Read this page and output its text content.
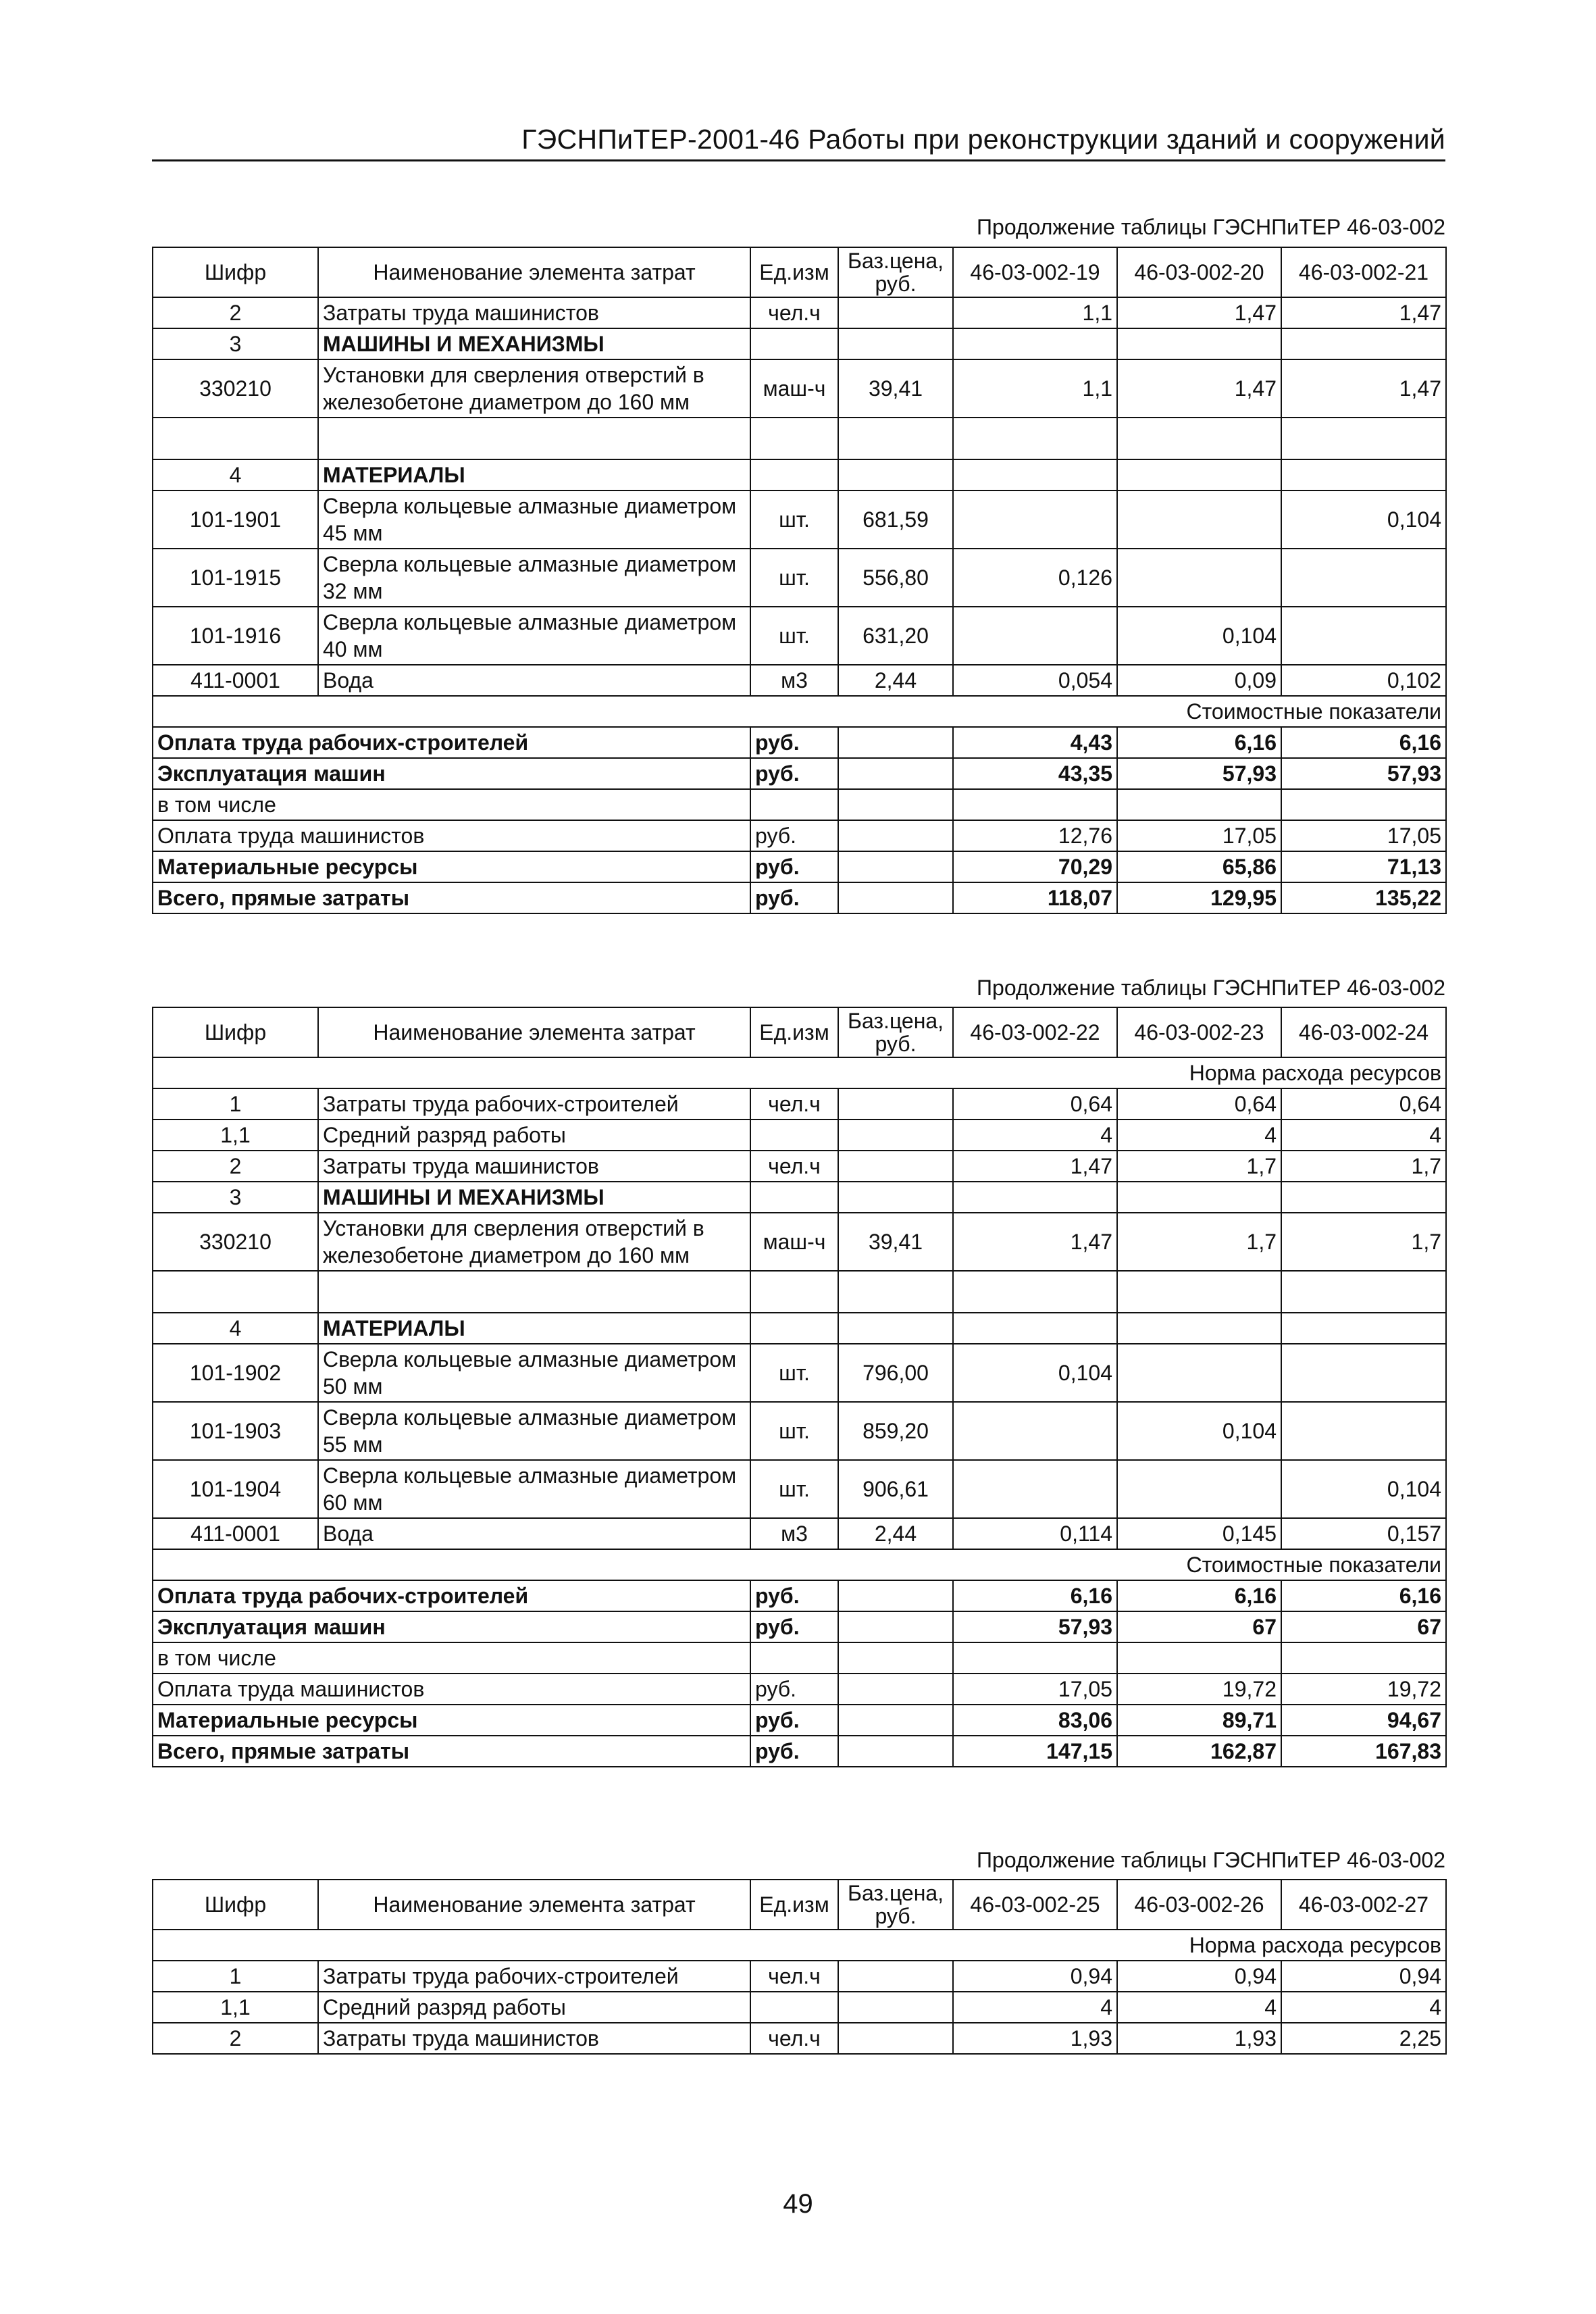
ГЭСНПиТЕР-2001-46 Работы при реконструкции зданий и сооружений
Продолжение таблицы ГЭСНПиТЕР 46-03-002
Шифр	Наименование элемента затрат	Ед.изм	Баз.цена, руб.	46-03-002-19	46-03-002-20	46-03-002-21
2	Затраты труда машинистов	чел.ч		1,1	1,47	1,47
3	МАШИНЫ И МЕХАНИЗМЫ					
330210	Установки для сверления отверстий в железобетоне диаметром до 160 мм	маш-ч	39,41	1,1	1,47	1,47

4	МАТЕРИАЛЫ					
101-1901	Сверла кольцевые алмазные диаметром 45 мм	шт.	681,59			0,104
101-1915	Сверла кольцевые алмазные диаметром 32 мм	шт.	556,80	0,126		
101-1916	Сверла кольцевые алмазные диаметром 40 мм	шт.	631,20		0,104	
411-0001	Вода	м3	2,44	0,054	0,09	0,102
Стоимостные показатели						
Оплата труда рабочих-строителей		руб.		4,43	6,16	6,16
Эксплуатация машин		руб.		43,35	57,93	57,93
в том числе						
Оплата труда машинистов		руб.		12,76	17,05	17,05
Материальные ресурсы		руб.		70,29	65,86	71,13
Всего, прямые затраты		руб.		118,07	129,95	135,22
Продолжение таблицы ГЭСНПиТЕР 46-03-002
Шифр	Наименование элемента затрат	Ед.изм	Баз.цена, руб.	46-03-002-22	46-03-002-23	46-03-002-24
Норма расхода ресурсов						
1	Затраты труда рабочих-строителей	чел.ч		0,64	0,64	0,64
1,1	Средний разряд работы			4	4	4
2	Затраты труда машинистов	чел.ч		1,47	1,7	1,7
3	МАШИНЫ И МЕХАНИЗМЫ					
330210	Установки для сверления отверстий в железобетоне диаметром до 160 мм	маш-ч	39,41	1,47	1,7	1,7

4	МАТЕРИАЛЫ					
101-1902	Сверла кольцевые алмазные диаметром 50 мм	шт.	796,00	0,104		
101-1903	Сверла кольцевые алмазные диаметром 55 мм	шт.	859,20		0,104	
101-1904	Сверла кольцевые алмазные диаметром 60 мм	шт.	906,61			0,104
411-0001	Вода	м3	2,44	0,114	0,145	0,157
Стоимостные показатели						
Оплата труда рабочих-строителей		руб.		6,16	6,16	6,16
Эксплуатация машин		руб.		57,93	67	67
в том числе						
Оплата труда машинистов		руб.		17,05	19,72	19,72
Материальные ресурсы		руб.		83,06	89,71	94,67
Всего, прямые затраты		руб.		147,15	162,87	167,83
Продолжение таблицы ГЭСНПиТЕР 46-03-002
Шифр	Наименование элемента затрат	Ед.изм	Баз.цена, руб.	46-03-002-25	46-03-002-26	46-03-002-27
Норма расхода ресурсов						
1	Затраты труда рабочих-строителей	чел.ч		0,94	0,94	0,94
1,1	Средний разряд работы			4	4	4
2	Затраты труда машинистов	чел.ч		1,93	1,93	2,25
49
